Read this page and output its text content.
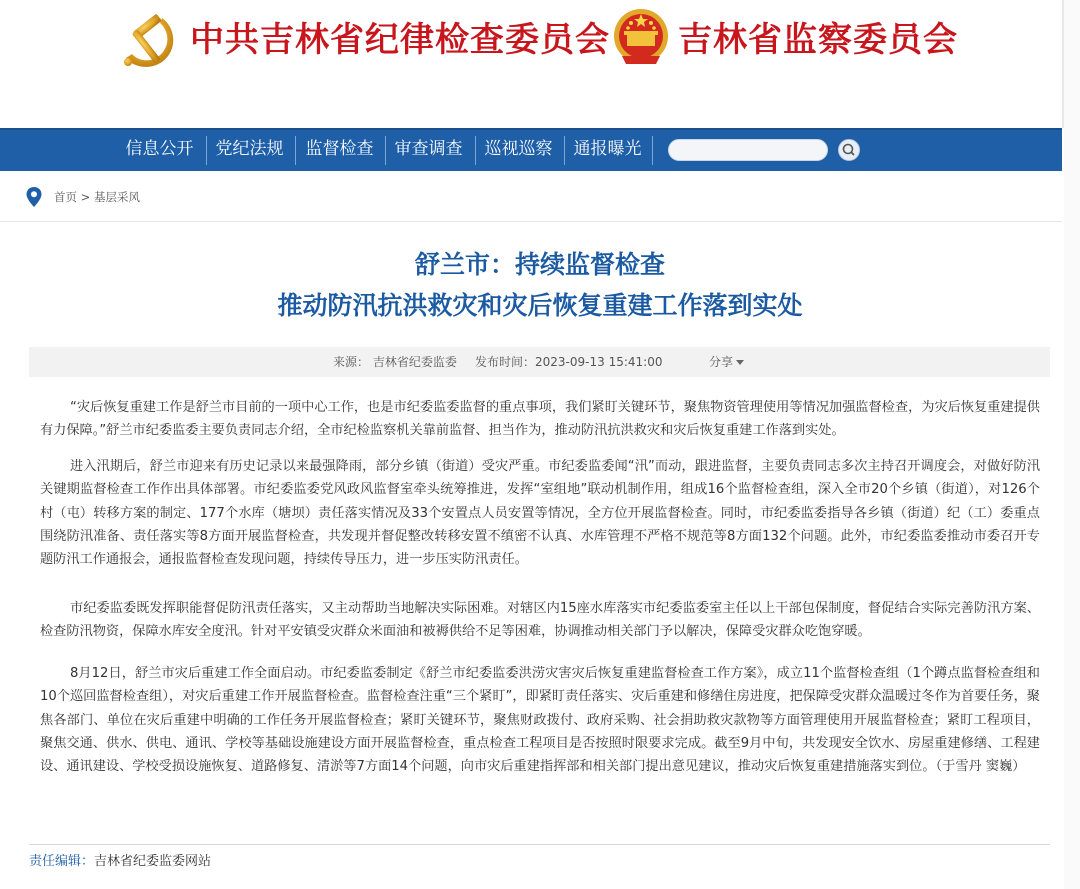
中共吉林省纪律检查委员会 吉林省监察委员会
信息公开	党纪法规	监督检查	审查调查	巡视巡察	通报曝光
首页 > 基层采风
舒兰市：持续监督检查
推动防汛抗洪救灾和灾后恢复重建工作落到实处
来源： 吉林省纪委监委 发布时间：2023-09-13 15:41:00	分享
“灾后恢复重建工作是舒兰市目前的一项中心工作，也是市纪委监委监督的重点事项，我们紧盯关键环节，聚焦物资管理使用等情况加强监督检查，为灾后恢复重建提供有力保障。”舒兰市纪委监委主要负责同志介绍，全市纪检监察机关靠前监督、担当作为，推动防汛抗洪救灾和灾后恢复重建工作落到实处。
进入汛期后，舒兰市迎来有历史记录以来最强降雨，部分乡镇（街道）受灾严重。市纪委监委闻“汛”而动，跟进监督，主要负责同志多次主持召开调度会，对做好防汛关键期监督检查工作作出具体部署。市纪委监委党风政风监督室牵头统筹推进，发挥“室组地”联动机制作用，组成16个监督检查组，深入全市20个乡镇（街道），对126个村（屯）转移方案的制定、177个水库（塘坝）责任落实情况及33个安置点人员安置等情况，全方位开展监督检查。同时，市纪委监委指导各乡镇（街道）纪（工）委重点围绕防汛准备、责任落实等8方面开展监督检查，共发现并督促整改转移安置不缜密不认真、水库管理不严格不规范等8方面132个问题。此外，市纪委监委推动市委召开专题防汛工作通报会，通报监督检查发现问题，持续传导压力，进一步压实防汛责任。
市纪委监委既发挥职能督促防汛责任落实，又主动帮助当地解决实际困难。对辖区内15座水库落实市纪委监委室主任以上干部包保制度，督促结合实际完善防汛方案、检查防汛物资，保障水库安全度汛。针对平安镇受灾群众米面油和被褥供给不足等困难，协调推动相关部门予以解决，保障受灾群众吃饱穿暖。
8月12日，舒兰市灾后重建工作全面启动。市纪委监委制定《舒兰市纪委监委洪涝灾害灾后恢复重建监督检查工作方案》，成立11个监督检查组（1个蹲点监督检查组和10个巡回监督检查组），对灾后重建工作开展监督检查。监督检查注重“三个紧盯”，即紧盯责任落实、灾后重建和修缮住房进度，把保障受灾群众温暖过冬作为首要任务，聚焦各部门、单位在灾后重建中明确的工作任务开展监督检查；紧盯关键环节，聚焦财政拨付、政府采购、社会捐助救灾款物等方面管理使用开展监督检查；紧盯工程项目，聚焦交通、供水、供电、通讯、学校等基础设施建设方面开展监督检查，重点检查工程项目是否按照时限要求完成。截至9月中旬，共发现安全饮水、房屋重建修缮、工程建设、通讯建设、学校受损设施恢复、道路修复、清淤等7方面14个问题，向市灾后重建指挥部和相关部门提出意见建议，推动灾后恢复重建措施落实到位。（于雪丹 窦巍）
责任编辑：吉林省纪委监委网站
